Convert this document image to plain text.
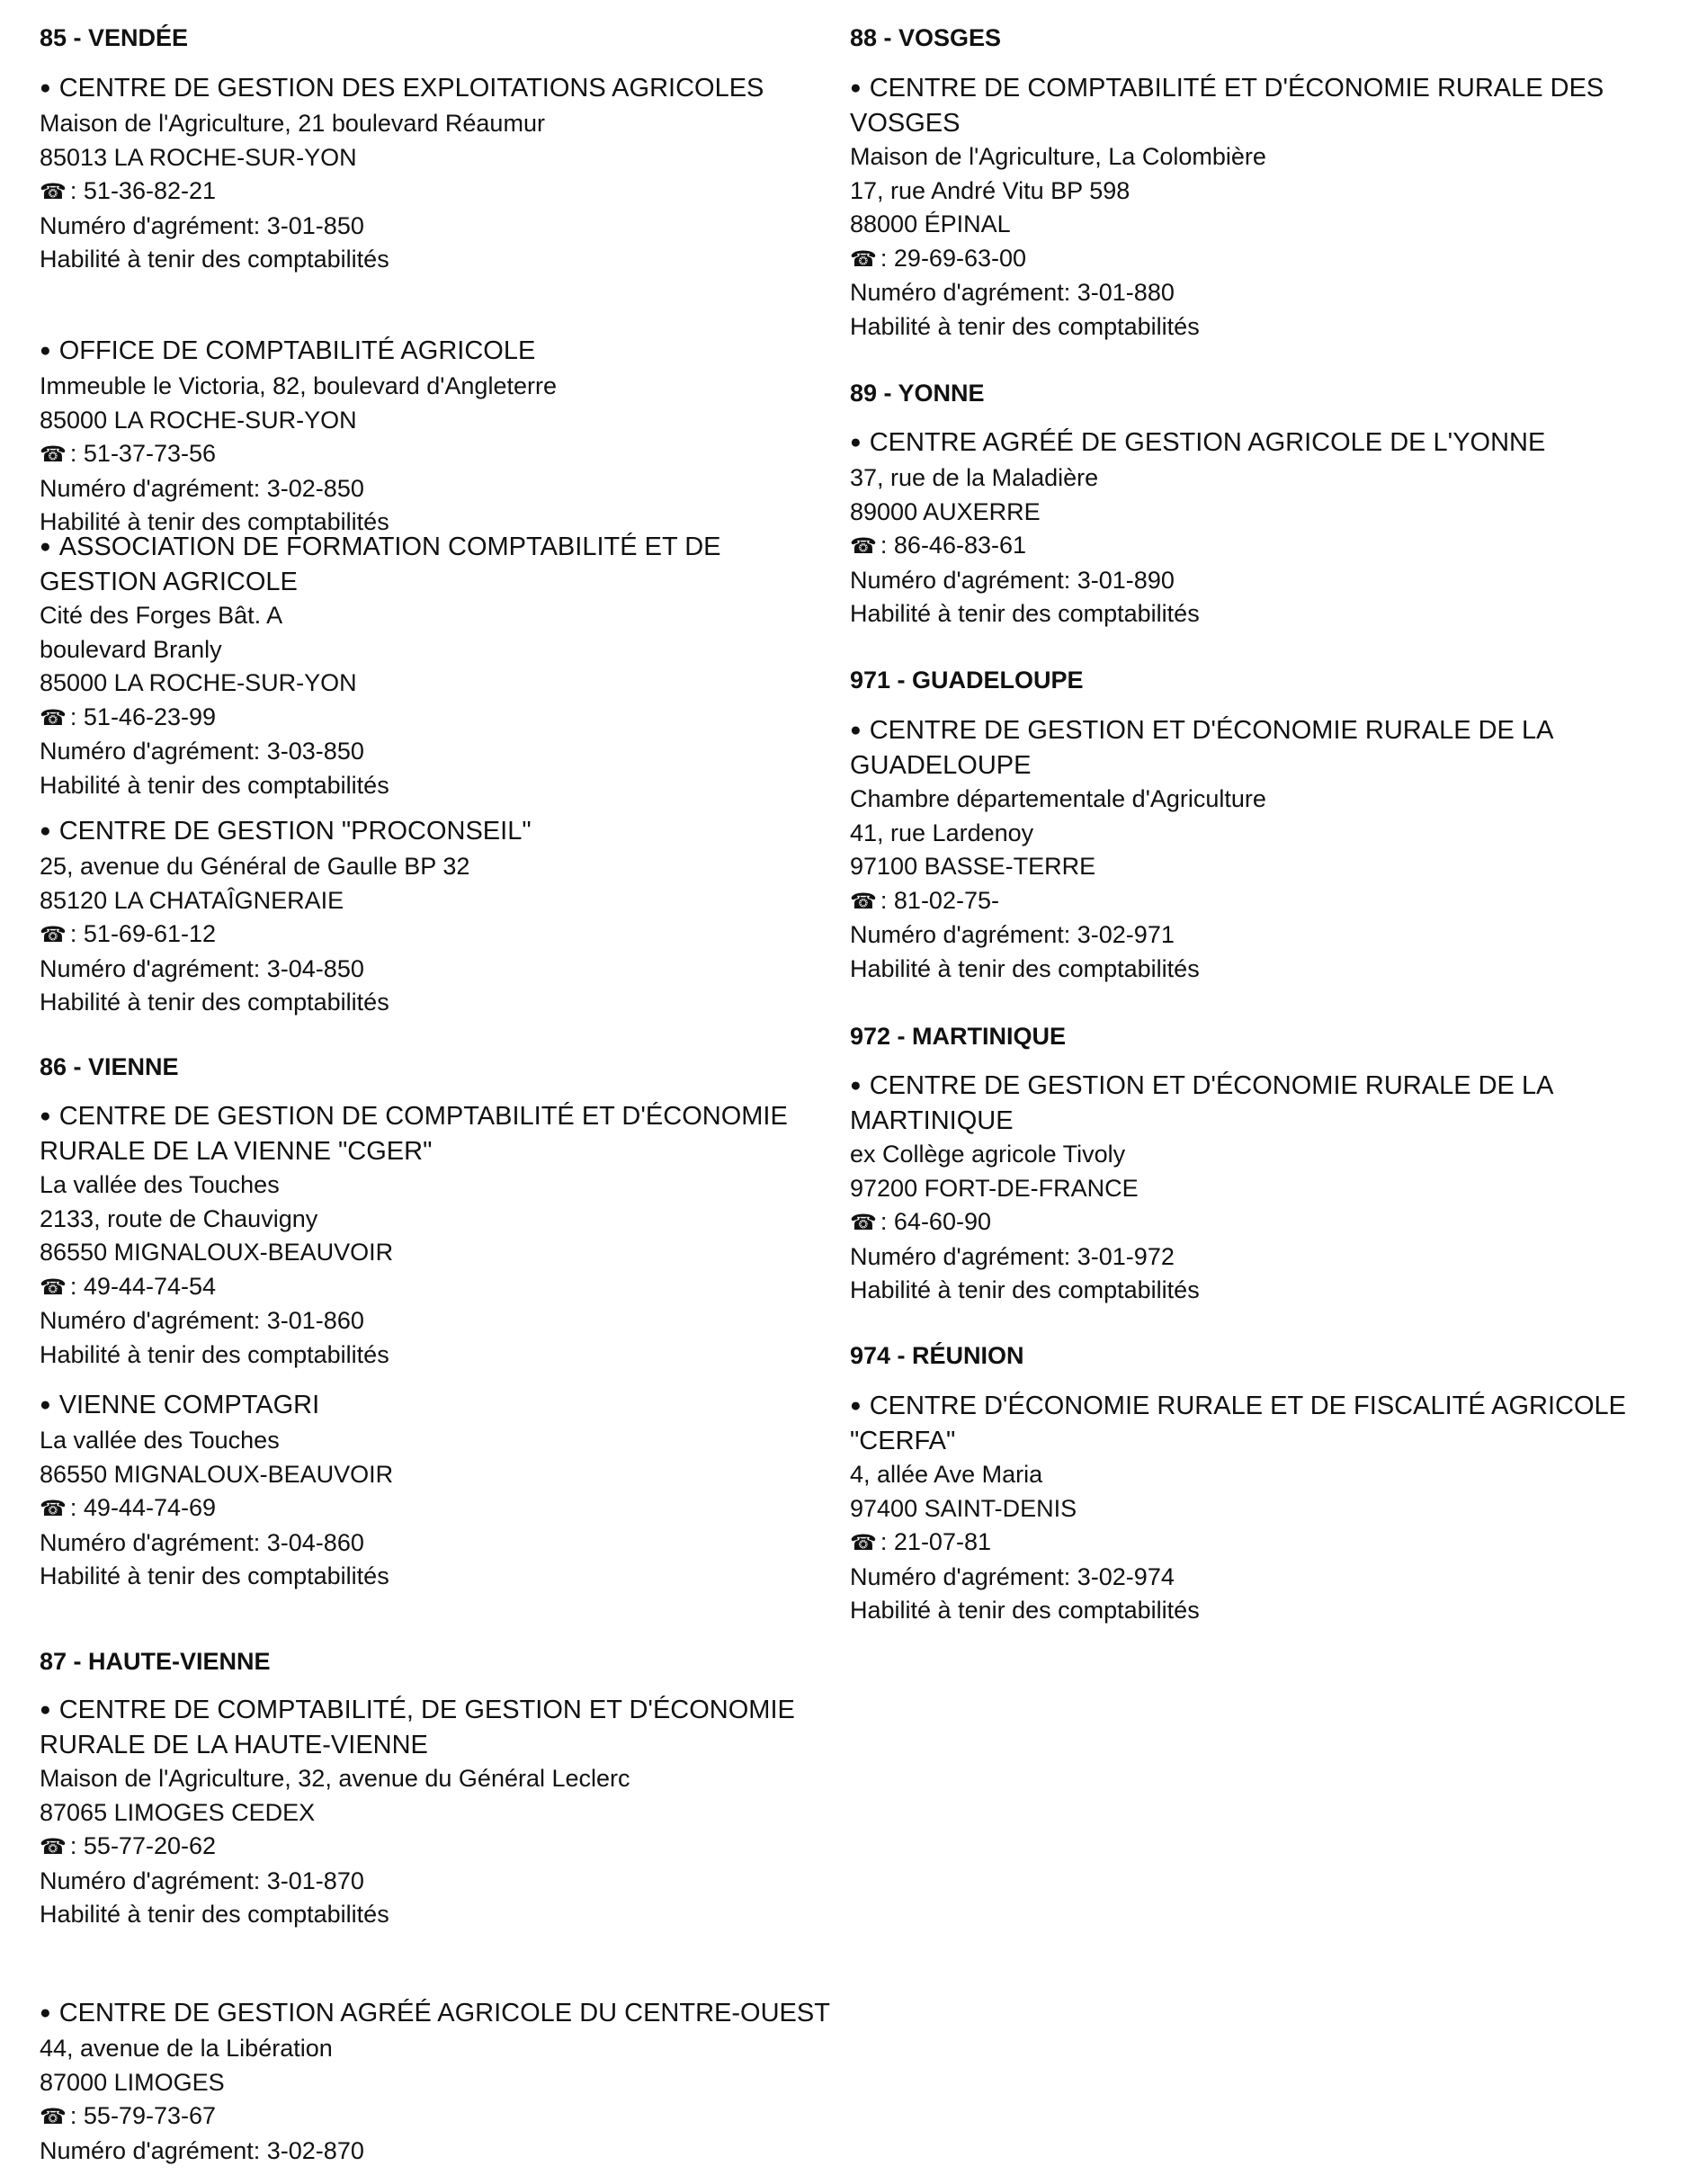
85 - VENDÉE
● CENTRE DE GESTION DES EXPLOITATIONS AGRICOLES
Maison de l'Agriculture, 21 boulevard Réaumur
85013 LA ROCHE-SUR-YON
☎ : 51-36-82-21
Numéro d'agrément: 3-01-850
Habilité à tenir des comptabilités
● OFFICE DE COMPTABILITÉ AGRICOLE
Immeuble le Victoria, 82, boulevard d'Angleterre
85000 LA ROCHE-SUR-YON
☎ : 51-37-73-56
Numéro d'agrément: 3-02-850
Habilité à tenir des comptabilités
● ASSOCIATION DE FORMATION COMPTABILITÉ ET DE GESTION AGRICOLE
Cité des Forges Bât. A
boulevard Branly
85000 LA ROCHE-SUR-YON
☎ : 51-46-23-99
Numéro d'agrément: 3-03-850
Habilité à tenir des comptabilités
● CENTRE DE GESTION "PROCONSEIL"
25, avenue du Général de Gaulle BP 32
85120 LA CHATAÎGNERAIE
☎ : 51-69-61-12
Numéro d'agrément: 3-04-850
Habilité à tenir des comptabilités
86 - VIENNE
● CENTRE DE GESTION DE COMPTABILITÉ ET D'ÉCONOMIE RURALE DE LA VIENNE "CGER"
La vallée des Touches
2133, route de Chauvigny
86550 MIGNALOUX-BEAUVOIR
☎ : 49-44-74-54
Numéro d'agrément: 3-01-860
Habilité à tenir des comptabilités
● VIENNE COMPTAGRI
La vallée des Touches
86550 MIGNALOUX-BEAUVOIR
☎ : 49-44-74-69
Numéro d'agrément: 3-04-860
Habilité à tenir des comptabilités
87 - HAUTE-VIENNE
● CENTRE DE COMPTABILITÉ, DE GESTION ET D'ÉCONOMIE RURALE DE LA HAUTE-VIENNE
Maison de l'Agriculture, 32, avenue du Général Leclerc
87065 LIMOGES CEDEX
☎ : 55-77-20-62
Numéro d'agrément: 3-01-870
Habilité à tenir des comptabilités
● CENTRE DE GESTION AGRÉÉ AGRICOLE DU CENTRE-OUEST
44, avenue de la Libération
87000 LIMOGES
☎ : 55-79-73-67
Numéro d'agrément: 3-02-870
88 - VOSGES
● CENTRE DE COMPTABILITÉ ET D'ÉCONOMIE RURALE DES VOSGES
Maison de l'Agriculture, La Colombière
17, rue André Vitu BP 598
88000 ÉPINAL
☎ : 29-69-63-00
Numéro d'agrément: 3-01-880
Habilité à tenir des comptabilités
89 - YONNE
● CENTRE AGRÉÉ DE GESTION AGRICOLE DE L'YONNE
37, rue de la Maladière
89000 AUXERRE
☎ : 86-46-83-61
Numéro d'agrément: 3-01-890
Habilité à tenir des comptabilités
971 - GUADELOUPE
● CENTRE DE GESTION ET D'ÉCONOMIE RURALE DE LA GUADELOUPE
Chambre départementale d'Agriculture
41, rue Lardenoy
97100 BASSE-TERRE
☎ : 81-02-75-
Numéro d'agrément: 3-02-971
Habilité à tenir des comptabilités
972 - MARTINIQUE
● CENTRE DE GESTION ET D'ÉCONOMIE RURALE DE LA MARTINIQUE
ex Collège agricole Tivoly
97200 FORT-DE-FRANCE
☎ : 64-60-90
Numéro d'agrément: 3-01-972
Habilité à tenir des comptabilités
974 - RÉUNION
● CENTRE D'ÉCONOMIE RURALE ET DE FISCALITÉ AGRICOLE "CERFA"
4, allée Ave Maria
97400 SAINT-DENIS
☎ : 21-07-81
Numéro d'agrément: 3-02-974
Habilité à tenir des comptabilités
